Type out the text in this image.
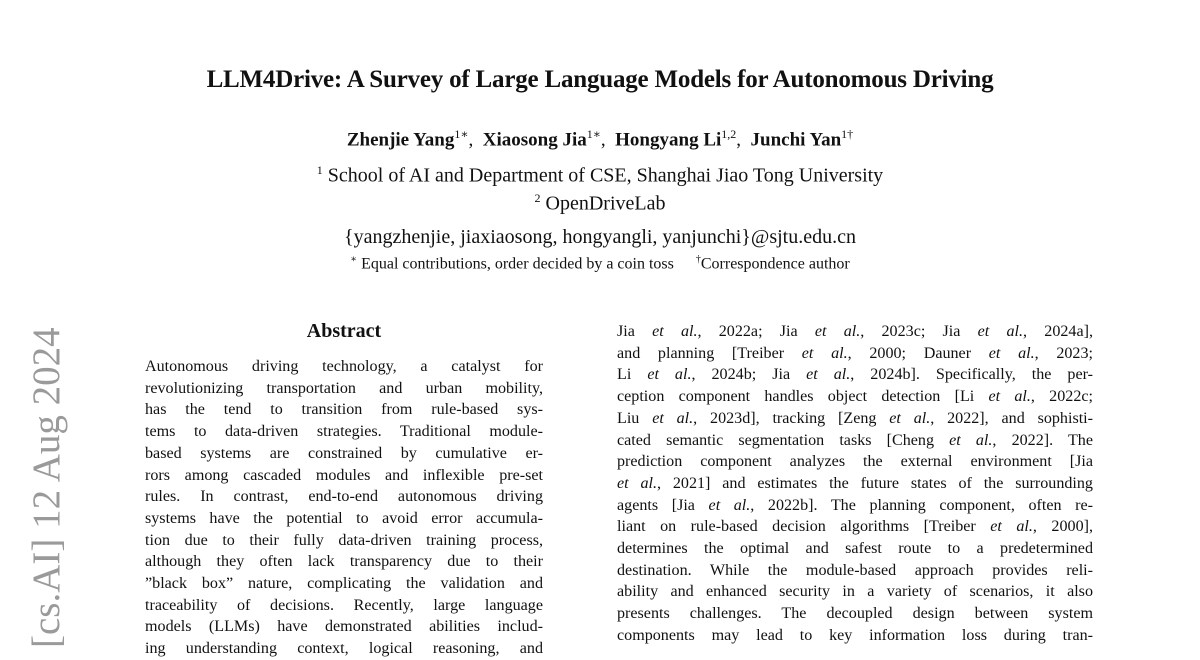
[cs.AI] 12 Aug 2024
LLM4Drive: A Survey of Large Language Models for Autonomous Driving
Zhenjie Yang$^{1∗}$,  Xiaosong Jia$^{1∗}$,  Hongyang Li$^{1,2}$,  Junchi Yan$^{1\dagger}$
$^1$ School of AI and Department of CSE, Shanghai Jiao Tong University
$^2$ OpenDriveLab
{yangzhenjie, jiaxiaosong, hongyangli, yanjunchi}@sjtu.edu.cn
∗ Equal contributions, order decided by a coin toss †Correspondence author
Abstract
Autonomous driving technology, a catalyst for
revolutionizing transportation and urban mobility,
has the tend to transition from rule-based sys-
tems to data-driven strategies. Traditional module-
based systems are constrained by cumulative er-
rors among cascaded modules and inflexible pre-set
rules. In contrast, end-to-end autonomous driving
systems have the potential to avoid error accumula-
tion due to their fully data-driven training process,
although they often lack transparency due to their
”black box” nature, complicating the validation and
traceability of decisions. Recently, large language
models (LLMs) have demonstrated abilities includ-
ing understanding context, logical reasoning, and
Jia et al., 2022a; Jia et al., 2023c; Jia et al., 2024a],
and planning [Treiber et al., 2000; Dauner et al., 2023;
Li et al., 2024b; Jia et al., 2024b]. Specifically, the per-
ception component handles object detection [Li et al., 2022c;
Liu et al., 2023d], tracking [Zeng et al., 2022], and sophisti-
cated semantic segmentation tasks [Cheng et al., 2022]. The
prediction component analyzes the external environment [Jia
et al., 2021] and estimates the future states of the surrounding
agents [Jia et al., 2022b]. The planning component, often re-
liant on rule-based decision algorithms [Treiber et al., 2000],
determines the optimal and safest route to a predetermined
destination. While the module-based approach provides reli-
ability and enhanced security in a variety of scenarios, it also
presents challenges. The decoupled design between system
components may lead to key information loss during tran-
